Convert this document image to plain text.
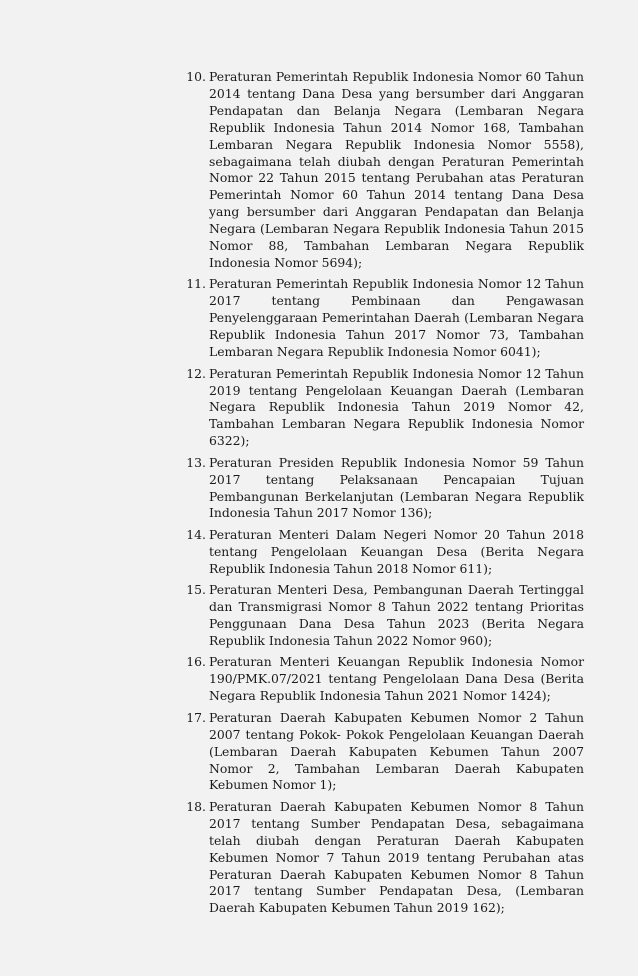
10. Peraturan Pemerintah Republik Indonesia Nomor 60 Tahun 2014 tentang Dana Desa yang bersumber dari Anggaran Pendapatan dan Belanja Negara (Lembaran Negara Republik Indonesia Tahun 2014 Nomor 168, Tambahan Lembaran Negara Republik Indonesia Nomor 5558), sebagaimana telah diubah dengan Peraturan Pemerintah Nomor 22 Tahun 2015 tentang Perubahan atas Peraturan Pemerintah Nomor 60 Tahun 2014 tentang Dana Desa yang bersumber dari Anggaran Pendapatan dan Belanja Negara (Lembaran Negara Republik Indonesia Tahun 2015 Nomor 88, Tambahan Lembaran Negara Republik Indonesia Nomor 5694);
11. Peraturan Pemerintah Republik Indonesia Nomor 12 Tahun 2017 tentang Pembinaan dan Pengawasan Penyelenggaraan Pemerintahan Daerah (Lembaran Negara Republik Indonesia Tahun 2017 Nomor 73, Tambahan Lembaran Negara Republik Indonesia Nomor 6041);
12. Peraturan Pemerintah Republik Indonesia Nomor 12 Tahun 2019 tentang Pengelolaan Keuangan Daerah (Lembaran Negara Republik Indonesia Tahun 2019 Nomor 42, Tambahan Lembaran Negara Republik Indonesia Nomor 6322);
13. Peraturan Presiden Republik Indonesia Nomor 59 Tahun 2017 tentang Pelaksanaan Pencapaian Tujuan Pembangunan Berkelanjutan (Lembaran Negara Republik Indonesia Tahun 2017 Nomor 136);
14. Peraturan Menteri Dalam Negeri Nomor 20 Tahun 2018 tentang Pengelolaan Keuangan Desa (Berita Negara Republik Indonesia Tahun 2018 Nomor 611);
15. Peraturan Menteri Desa, Pembangunan Daerah Tertinggal dan Transmigrasi Nomor 8 Tahun 2022 tentang Prioritas Penggunaan Dana Desa Tahun 2023 (Berita Negara Republik Indonesia Tahun 2022 Nomor 960);
16. Peraturan Menteri Keuangan Republik Indonesia Nomor 190/PMK.07/2021 tentang Pengelolaan Dana Desa (Berita Negara Republik Indonesia Tahun 2021 Nomor 1424);
17. Peraturan Daerah Kabupaten Kebumen Nomor 2 Tahun 2007 tentang Pokok- Pokok Pengelolaan Keuangan Daerah (Lembaran Daerah Kabupaten Kebumen Tahun 2007 Nomor 2, Tambahan Lembaran Daerah Kabupaten Kebumen Nomor 1);
18. Peraturan Daerah Kabupaten Kebumen Nomor 8 Tahun 2017 tentang Sumber Pendapatan Desa, sebagaimana telah diubah dengan Peraturan Daerah Kabupaten Kebumen Nomor 7 Tahun 2019 tentang Perubahan atas Peraturan Daerah Kabupaten Kebumen Nomor 8 Tahun 2017 tentang Sumber Pendapatan Desa, (Lembaran Daerah Kabupaten Kebumen Tahun 2019 162);
